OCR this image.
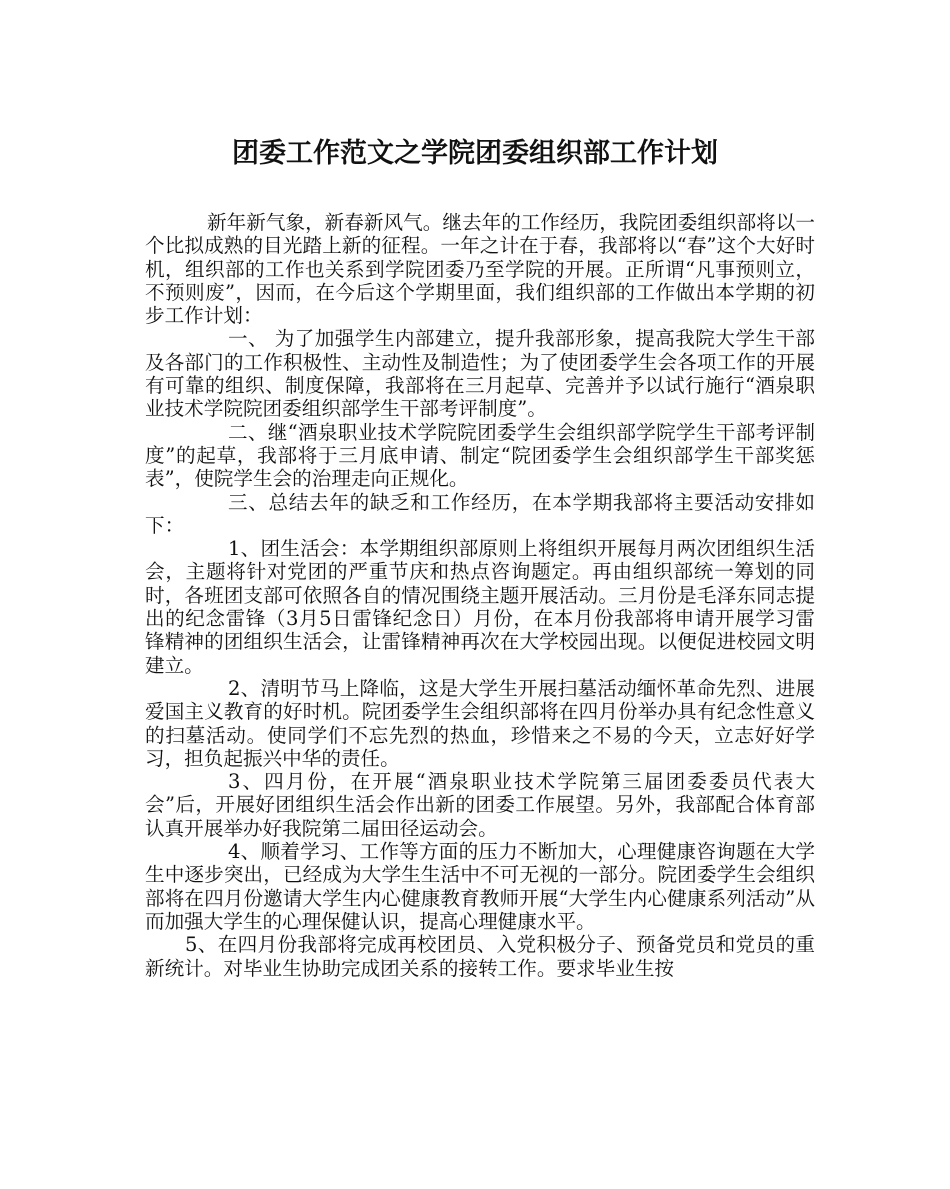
团委工作范文之学院团委组织部工作计划

新年新气象，新春新风气。继去年的工作经历，我院团委组织部将以一个比拟成熟的目光踏上新的征程。一年之计在于春，我部将以“春”这个大好时机，组织部的工作也关系到学院团委乃至学院的开展。正所谓“凡事预则立，不预则废”，因而，在今后这个学期里面，我们组织部的工作做出本学期的初步工作计划：

一、 为了加强学生内部建立，提升我部形象，提高我院大学生干部及各部门的工作积极性、主动性及制造性；为了使团委学生会各项工作的开展有可靠的组织、制度保障，我部将在三月起草、完善并予以试行施行“酒泉职业技术学院院团委组织部学生干部考评制度”。

二、继“酒泉职业技术学院院团委学生会组织部学院学生干部考评制度”的起草，我部将于三月底申请、制定“院团委学生会组织部学生干部奖惩表”，使院学生会的治理走向正规化。

三、总结去年的缺乏和工作经历，在本学期我部将主要活动安排如下：

1、团生活会：本学期组织部原则上将组织开展每月两次团组织生活会，主题将针对党团的严重节庆和热点咨询题定。再由组织部统一筹划的同时，各班团支部可依照各自的情况围绕主题开展活动。三月份是毛泽东同志提出的纪念雷锋（3月5日雷锋纪念日）月份，在本月份我部将申请开展学习雷锋精神的团组织生活会，让雷锋精神再次在大学校园出现。以便促进校园文明建立。

2、清明节马上降临，这是大学生开展扫墓活动缅怀革命先烈、进展爱国主义教育的好时机。院团委学生会组织部将在四月份举办具有纪念性意义的扫墓活动。使同学们不忘先烈的热血，珍惜来之不易的今天，立志好好学习，担负起振兴中华的责任。

3、四月份，在开展“酒泉职业技术学院第三届团委委员代表大会”后，开展好团组织生活会作出新的团委工作展望。另外，我部配合体育部认真开展举办好我院第二届田径运动会。

4、顺着学习、工作等方面的压力不断加大，心理健康咨询题在大学生中逐步突出，已经成为大学生生活中不可无视的一部分。院团委学生会组织部将在四月份邀请大学生内心健康教育教师开展“大学生内心健康系列活动”从而加强大学生的心理保健认识，提高心理健康水平。

5、在四月份我部将完成再校团员、入党积极分子、预备党员和党员的重新统计。对毕业生协助完成团关系的接转工作。要求毕业生按
